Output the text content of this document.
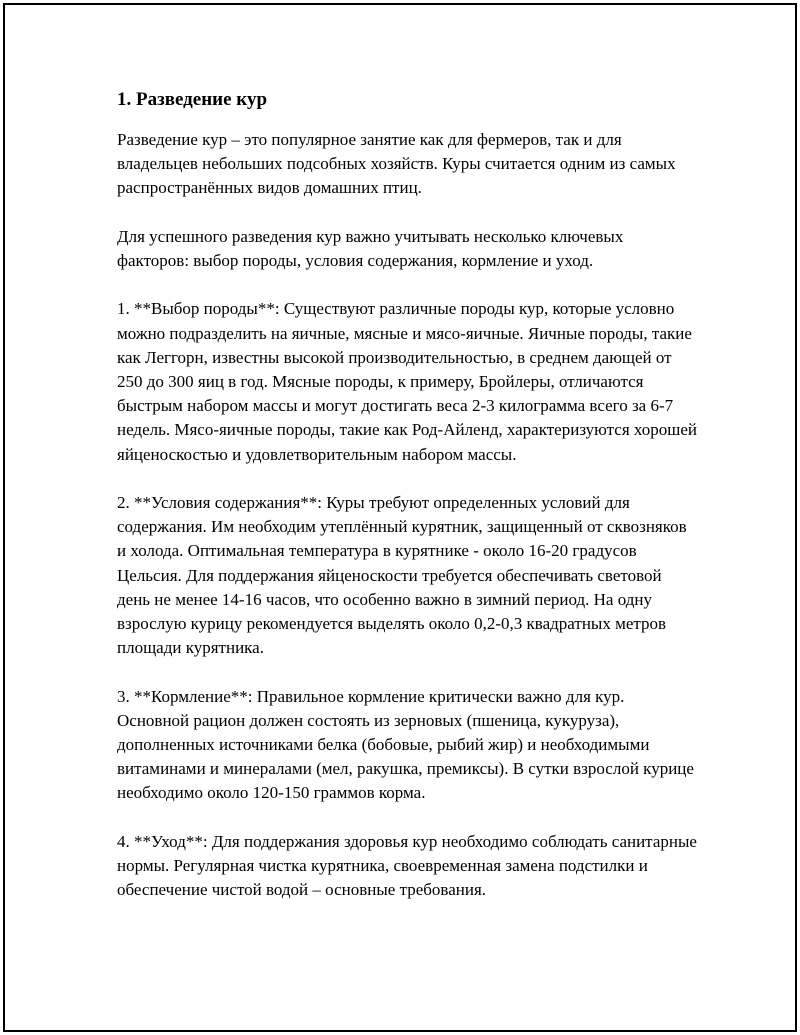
1. Разведение кур

Разведение кур – это популярное занятие как для фермеров, так и для владельцев небольших подсобных хозяйств. Куры считается одним из самых распространённых видов домашних птиц.

Для успешного разведения кур важно учитывать несколько ключевых факторов: выбор породы, условия содержания, кормление и уход.

1. **Выбор породы**: Существуют различные породы кур, которые условно можно подразделить на яичные, мясные и мясо-яичные. Яичные породы, такие как Леггорн, известны высокой производительностью, в среднем дающей от 250 до 300 яиц в год. Мясные породы, к примеру, Бройлеры, отличаются быстрым набором массы и могут достигать веса 2-3 килограмма всего за 6-7 недель. Мясо-яичные породы, такие как Род-Айленд, характеризуются хорошей яйценоскостью и удовлетворительным набором массы.

2. **Условия содержания**: Куры требуют определенных условий для содержания. Им необходим утеплённый курятник, защищенный от сквозняков и холода. Оптимальная температура в курятнике - около 16-20 градусов Цельсия. Для поддержания яйценоскости требуется обеспечивать световой день не менее 14-16 часов, что особенно важно в зимний период. На одну взрослую курицу рекомендуется выделять около 0,2-0,3 квадратных метров площади курятника.

3. **Кормление**: Правильное кормление критически важно для кур. Основной рацион должен состоять из зерновых (пшеница, кукуруза), дополненных источниками белка (бобовые, рыбий жир) и необходимыми витаминами и минералами (мел, ракушка, премиксы). В сутки взрослой курице необходимо около 120-150 граммов корма.

4. **Уход**: Для поддержания здоровья кур необходимо соблюдать санитарные нормы. Регулярная чистка курятника, своевременная замена подстилки и обеспечение чистой водой – основные требования.
